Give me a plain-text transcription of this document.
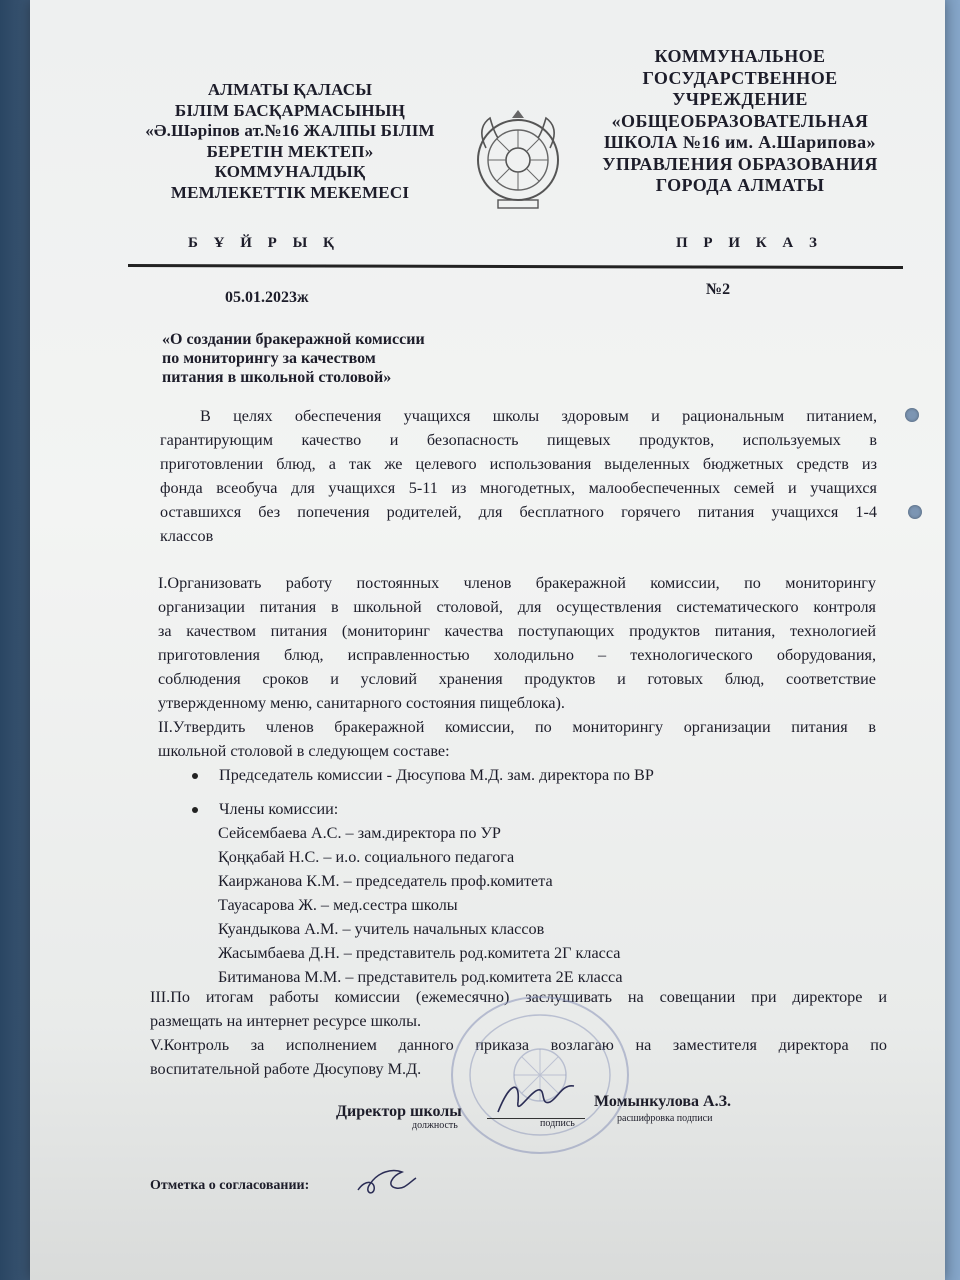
АЛМАТЫ ҚАЛАСЫ
БІЛІМ БАСҚАРМАСЫНЫҢ
«Ә.Шәріпов ат.№16 ЖАЛПЫ БІЛІМ
БЕРЕТІН МЕКТЕП»
КОММУНАЛДЫҚ
МЕМЛЕКЕТТІК МЕКЕМЕСІ
КОММУНАЛЬНОЕ
ГОСУДАРСТВЕННОЕ
УЧРЕЖДЕНИЕ
«ОБЩЕОБРАЗОВАТЕЛЬНАЯ
ШКОЛА №16 им. А.Шарипова»
УПРАВЛЕНИЯ ОБРАЗОВАНИЯ
ГОРОДА АЛМАТЫ
Б Ұ Й Р Ы Қ	П Р И К А З
05.01.2023ж	№2
«О создании бракеражной комиссии
по мониторингу за качеством
питания в школьной столовой»
В целях обеспечения учащихся школы здоровым и рациональным питанием,
гарантирующим качество и безопасность пищевых продуктов, используемых в
приготовлении блюд, а так же целевого использования выделенных бюджетных средств из
фонда всеобуча для учащихся 5-11 из многодетных, малообеспеченных семей и учащихся
оставшихся без попечения родителей, для бесплатного горячего питания учащихся 1-4
классов
I.Организовать работу постоянных членов бракеражной комиссии, по мониторингу
организации питания в школьной столовой, для осуществления систематического контроля
за качеством питания (мониторинг качества поступающих продуктов питания, технологией
приготовления блюд, исправленностью холодильно – технологического оборудования,
соблюдения сроков и условий хранения продуктов и готовых блюд, соответствие
утвержденному меню, санитарного состояния пищеблока).
II.Утвердить членов бракеражной комиссии, по мониторингу организации питания в
школьной столовой в следующем составе:
Председатель комиссии - Дюсупова М.Д. зам. директора по ВР
Члены комиссии:
Сейсембаева А.С. – зам.директора по УР
Қоңқабай Н.С. – и.о. социального педагога
Каиржанова К.М. – председатель проф.комитета
Тауасарова Ж. – мед.сестра школы
Куандыкова А.М. – учитель начальных классов
Жасымбаева Д.Н. – представитель род.комитета 2Г класса
Битиманова М.М. – представитель род.комитета 2Е класса
III.По итогам работы комиссии (ежемесячно) заслушивать на совещании при директоре и
размещать на интернет ресурсе школы.
V.Контроль за исполнением данного приказа возлагаю на заместителя директора по
воспитательной работе Дюсупову М.Д.
Директор школы
Момынкулова А.З.
должность	подпись	расшифровка подписи
Отметка о согласовании:
